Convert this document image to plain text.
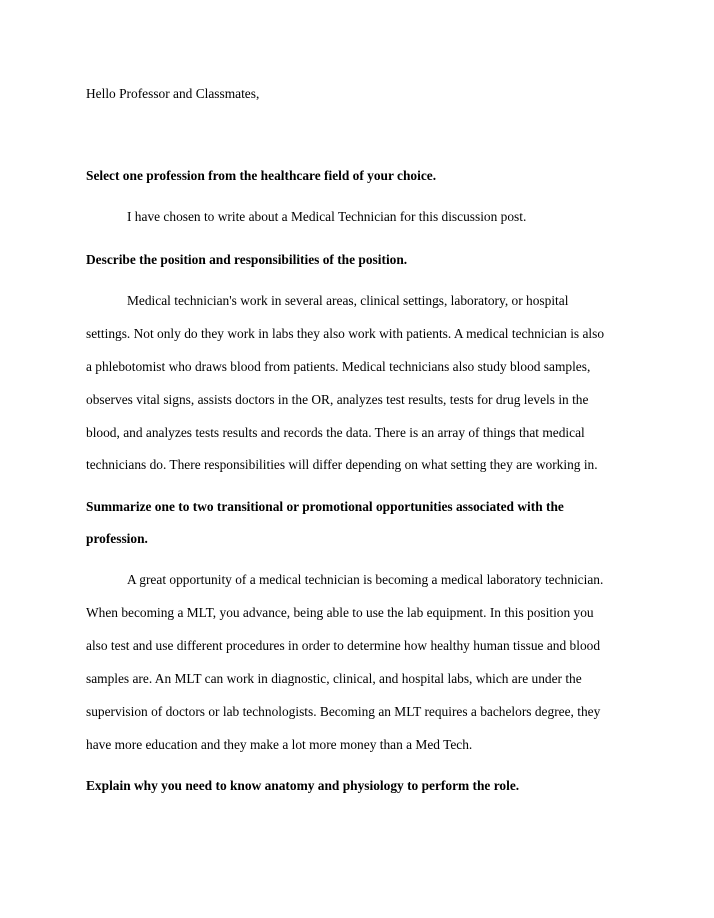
Hello Professor and Classmates,
Select one profession from the healthcare field of your choice.
I have chosen to write about a Medical Technician for this discussion post.
Describe the position and responsibilities of the position.
Medical technician's work in several areas, clinical settings, laboratory, or hospital
settings. Not only do they work in labs they also work with patients. A medical technician is also
a phlebotomist who draws blood from patients. Medical technicians also study blood samples,
observes vital signs, assists doctors in the OR, analyzes test results, tests for drug levels in the
blood, and analyzes tests results and records the data. There is an array of things that medical
technicians do. There responsibilities will differ depending on what setting they are working in.
Summarize one to two transitional or promotional opportunities associated with the
profession.
A great opportunity of a medical technician is becoming a medical laboratory technician.
When becoming a MLT, you advance, being able to use the lab equipment. In this position you
also test and use different procedures in order to determine how healthy human tissue and blood
samples are. An MLT can work in diagnostic, clinical, and hospital labs, which are under the
supervision of doctors or lab technologists. Becoming an MLT requires a bachelors degree, they
have more education and they make a lot more money than a Med Tech.
Explain why you need to know anatomy and physiology to perform the role.
